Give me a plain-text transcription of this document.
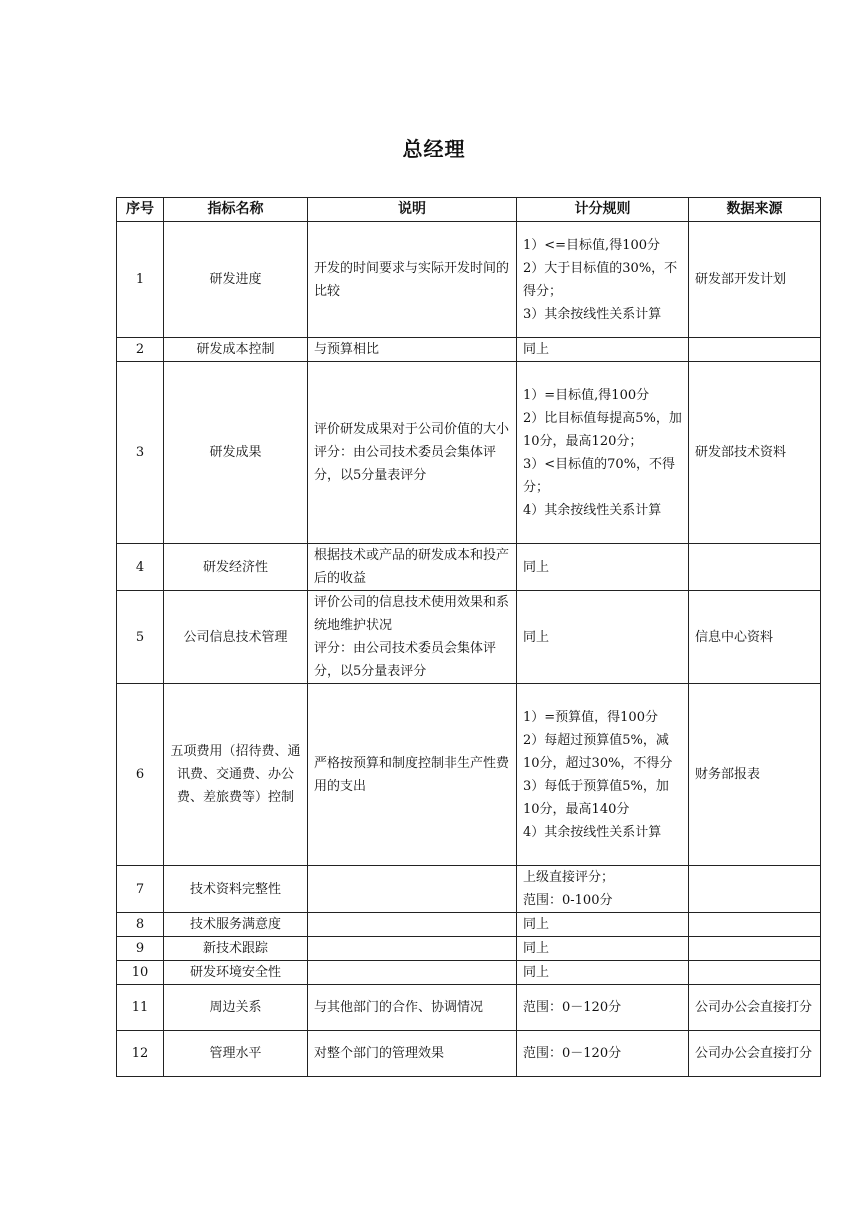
总经理
序号	指标名称	说明	计分规则	数据来源
1	研发进度	开发的时间要求与实际开发时间的比较	1）<=目标值,得100分
2）大于目标值的30%，不得分；
3）其余按线性关系计算	研发部开发计划
2	研发成本控制	与预算相比	同上	

3	研发成果	评价研发成果对于公司价值的大小
评分：由公司技术委员会集体评分，以5分量表评分	1）=目标值,得100分
2）比目标值每提高5%，加10分，最高120分；
3）<目标值的70%，不得分；
4）其余按线性关系计算	研发部技术资料
4	研发经济性	根据技术或产品的研发成本和投产后的收益	同上	

5	公司信息技术管理	评价公司的信息技术使用效果和系统地维护状况
评分：由公司技术委员会集体评分，以5分量表评分	同上	信息中心资料
6	五项费用（招待费、通讯费、交通费、办公费、差旅费等）控制	严格按预算和制度控制非生产性费用的支出	1）=预算值，得100分
2）每超过预算值5%，减10分，超过30%，不得分
3）每低于预算值5%，加10分，最高140分
4）其余按线性关系计算	财务部报表
7	技术资料完整性		上级直接评分；
范围：0-100分	

8	技术服务满意度		同上	

9	新技术跟踪		同上	

10	研发环境安全性		同上	

11	周边关系	与其他部门的合作、协调情况	范围：0－120分	公司办公会直接打分
12	管理水平	对整个部门的管理效果	范围：0－120分	公司办公会直接打分
